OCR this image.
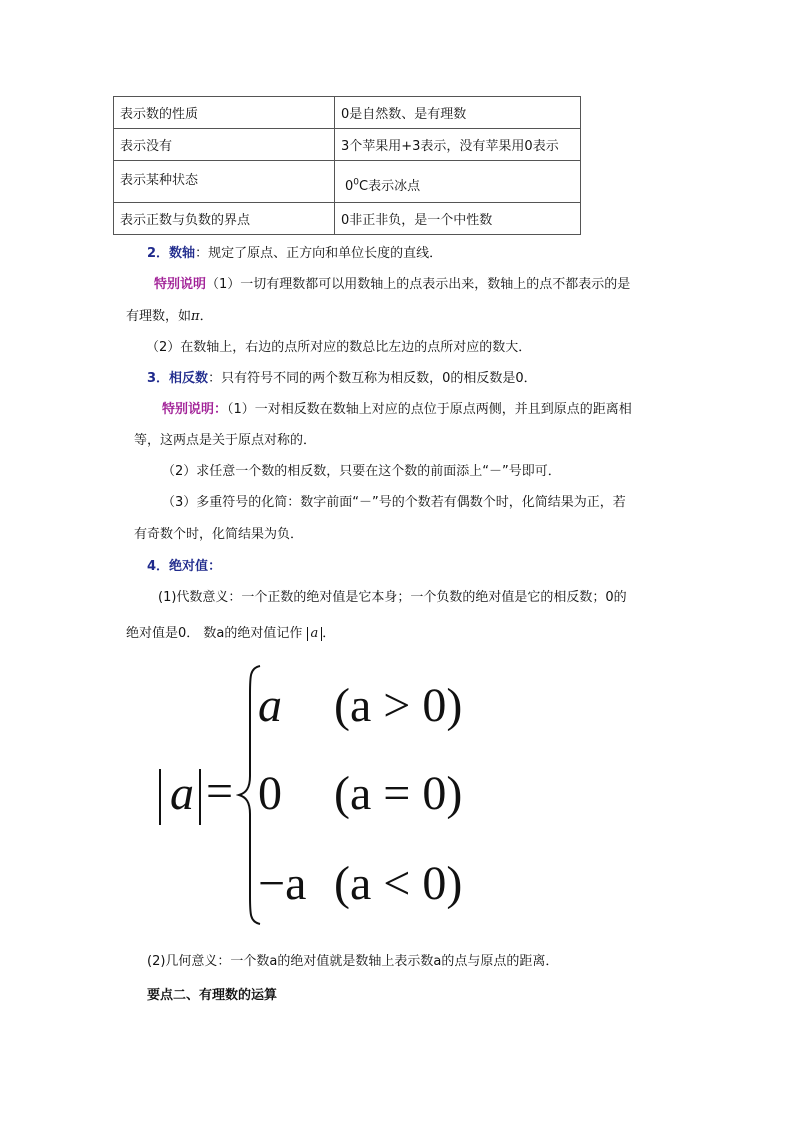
表示数的性质	0是自然数、是有理数
表示没有	3个苹果用+3表示，没有苹果用0表示
表示某种状态	$0^0C$表示冰点
表示正数与负数的界点	0非正非负，是一个中性数
2．数轴：规定了原点、正方向和单位长度的直线．
特别说明（1）一切有理数都可以用数轴上的点表示出来，数轴上的点不都表示的是
有理数，如π．
（2）在数轴上，右边的点所对应的数总比左边的点所对应的数大．
3．相反数：只有符号不同的两个数互称为相反数，0的相反数是0．
特别说明：（1）一对相反数在数轴上对应的点位于原点两侧，并且到原点的距离相
等，这两点是关于原点对称的．
（2）求任意一个数的相反数，只要在这个数的前面添上“－”号即可．
（3）多重符号的化简：数字前面“－”号的个数若有偶数个时，化简结果为正，若
有奇数个时，化简结果为负．
4．绝对值：
(1)代数意义：一个正数的绝对值是它本身；一个负数的绝对值是它的相反数；0的
绝对值是0． 数a的绝对值记作 a ．
a =
a (a > 0)
0 (a = 0)
−a (a < 0)
(2)几何意义：一个数a的绝对值就是数轴上表示数a的点与原点的距离．
要点二、有理数的运算
